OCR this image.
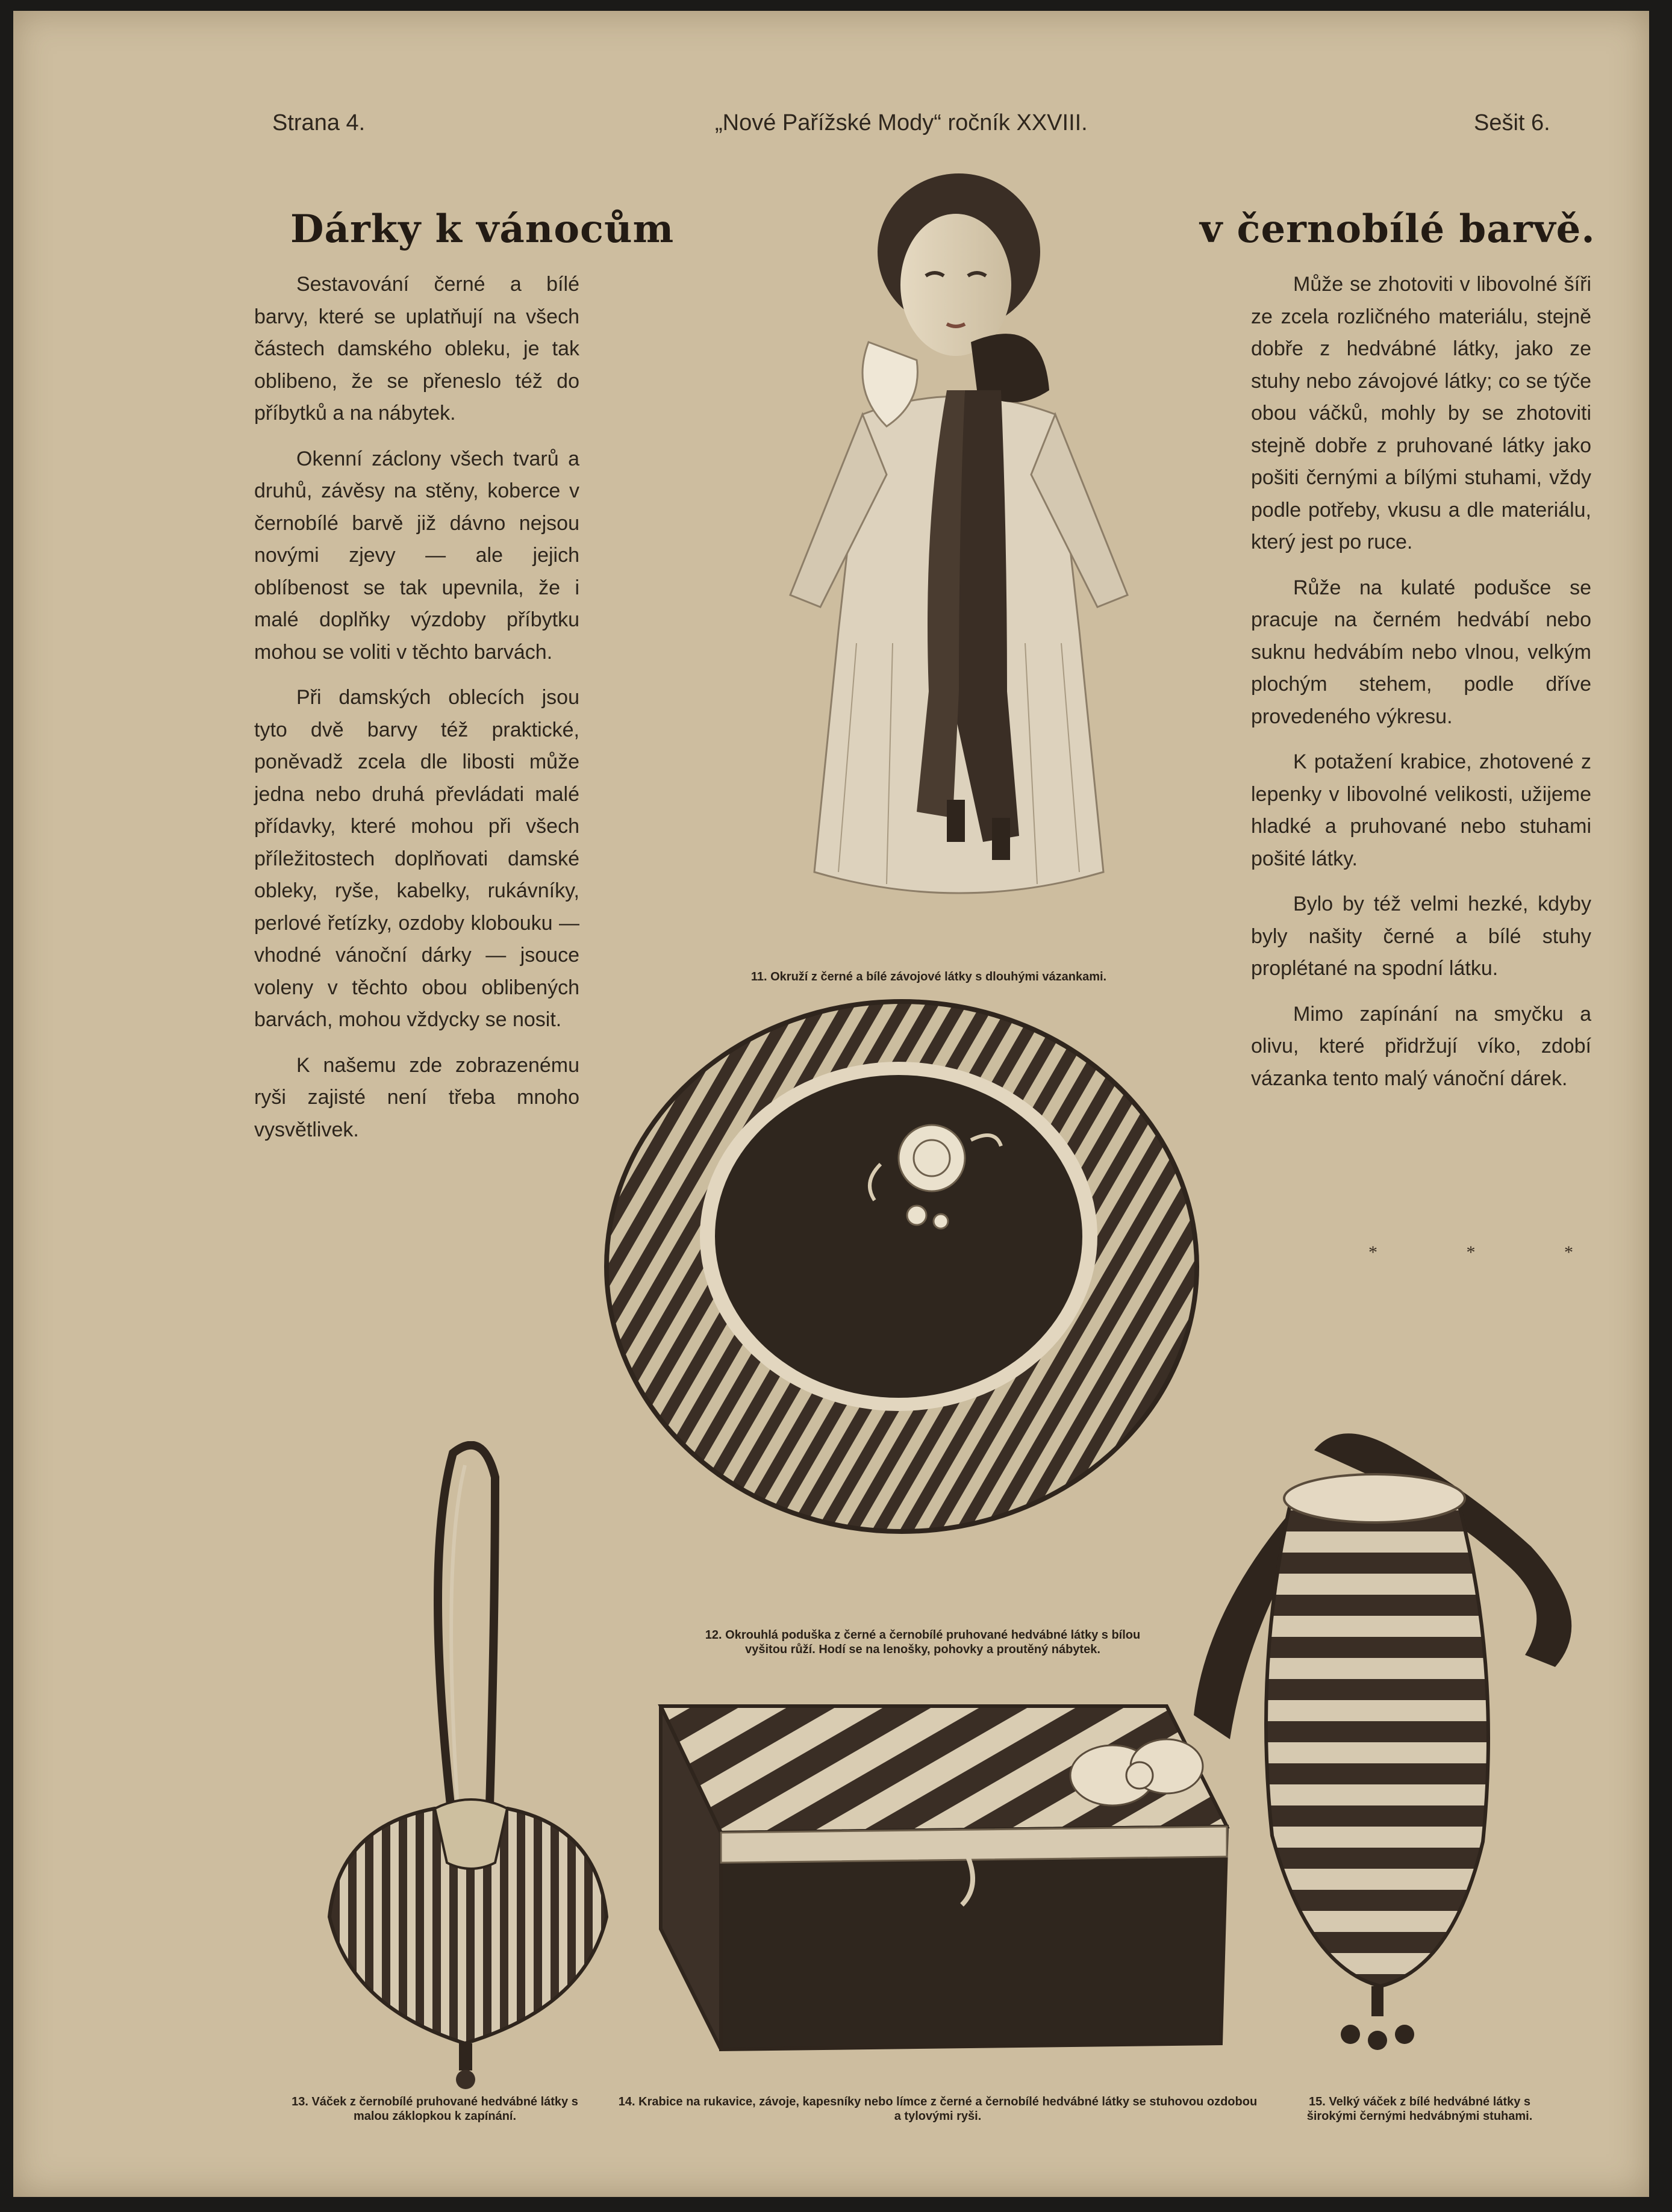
Strana 4.	„Nové Pařížské Mody“ ročník XXVIII.	Sešit 6.
Dárky k vánocům	v černobílé barvě.

Sestavování černé a bílé barvy, které se uplatňují na všech částech damského obleku, je tak oblibeno, že se přeneslo též do příbytků a na nábytek.

Okenní záclony všech tvarů a druhů, závěsy na stěny, koberce v černobílé barvě již dávno nejsou novými zjevy — ale jejich oblíbenost se tak upevnila, že i malé doplňky výzdoby příbytku mohou se voliti v těchto barvách.

Při damských oblecích jsou tyto dvě barvy též praktické, poněvadž zcela dle libosti může jedna nebo druhá převládati malé přídavky, které mohou při všech příležitostech doplňovati damské obleky, ryše, kabelky, rukávníky, perlové řetízky, ozdoby klobouku — vhodné vánoční dárky — jsouce voleny v těchto obou oblibených barvách, mohou vždycky se nosit.

K našemu zde zobrazenému ryši zajisté není třeba mnoho vysvětlivek.

Může se zhotoviti v libovolné šíři ze zcela rozličného materiálu, stejně dobře z hedvábné látky, jako ze stuhy nebo závojové látky; co se týče obou váčků, mohly by se zhotoviti stejně dobře z pruhované látky jako pošiti černými a bílými stuhami, vždy podle potřeby, vkusu a dle materiálu, který jest po ruce.

Růže na kulaté podušce se pracuje na černém hedvábí nebo suknu hedvábím nebo vlnou, velkým plochým stehem, podle dříve provedeného výkresu.

K potažení krabice, zhotovené z lepenky v libovolné velikosti, užijeme hladké a pruhované nebo stuhami pošité látky.

Bylo by též velmi hezké, kdyby byly našity černé a bílé stuhy proplétané na spodní látku.

Mimo zapínání na smyčku a olivu, které přidržují víko, zdobí vázanka tento malý vánoční dárek.

* * *
11. Okruží z černé a bílé závojové látky s dlouhými vázankami.
12. Okrouhlá poduška z černé a černobílé pruhované hedvábné látky s bílou vyšitou růží. Hodí se na lenošky, pohovky a proutěný nábytek.
13. Váček z černobílé pruhované hedvábné látky s malou záklopkou k zapínání.
14. Krabice na rukavice, závoje, kapesníky nebo límce z černé a černobílé hedvábné látky se stuhovou ozdobou a tylovými ryši.
15. Velký váček z bílé hedvábné látky s širokými černými hedvábnými stuhami.
